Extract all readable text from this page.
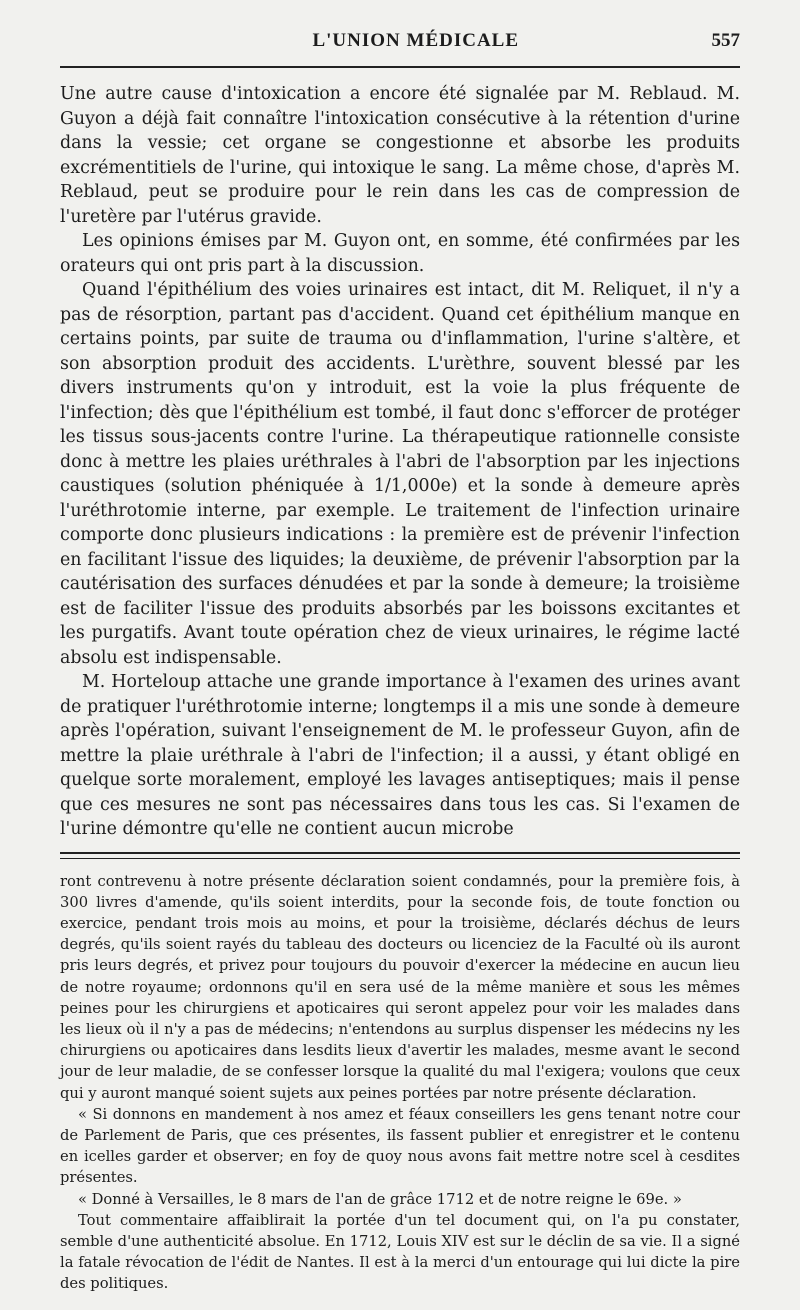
L'UNION MÉDICALE	557

Une autre cause d'intoxication a encore été signalée par M. Reblaud. M. Guyon a déjà fait connaître l'intoxication consécutive à la rétention d'urine dans la vessie; cet organe se congestionne et absorbe les produits excrémentitiels de l'urine, qui intoxique le sang. La même chose, d'après M. Reblaud, peut se produire pour le rein dans les cas de compression de l'uretère par l'utérus gravide.

Les opinions émises par M. Guyon ont, en somme, été confirmées par les orateurs qui ont pris part à la discussion.

Quand l'épithélium des voies urinaires est intact, dit M. Reliquet, il n'y a pas de résorption, partant pas d'accident. Quand cet épithélium manque en certains points, par suite de trauma ou d'inflammation, l'urine s'altère, et son absorption produit des accidents. L'urèthre, souvent blessé par les divers instruments qu'on y introduit, est la voie la plus fréquente de l'infection; dès que l'épithélium est tombé, il faut donc s'efforcer de protéger les tissus sous-jacents contre l'urine. La thérapeutique rationnelle consiste donc à mettre les plaies uréthrales à l'abri de l'absorption par les injections caustiques (solution phéniquée à 1/1,000e) et la sonde à demeure après l'uréthrotomie interne, par exemple. Le traitement de l'infection urinaire comporte donc plusieurs indications : la première est de prévenir l'infection en facilitant l'issue des liquides; la deuxième, de prévenir l'absorption par la cautérisation des surfaces dénudées et par la sonde à demeure; la troisième est de faciliter l'issue des produits absorbés par les boissons excitantes et les purgatifs. Avant toute opération chez de vieux urinaires, le régime lacté absolu est indispensable.

M. Horteloup attache une grande importance à l'examen des urines avant de pratiquer l'uréthrotomie interne; longtemps il a mis une sonde à demeure après l'opération, suivant l'enseignement de M. le professeur Guyon, afin de mettre la plaie uréthrale à l'abri de l'infection; il a aussi, y étant obligé en quelque sorte moralement, employé les lavages antiseptiques; mais il pense que ces mesures ne sont pas nécessaires dans tous les cas. Si l'examen de l'urine démontre qu'elle ne contient aucun microbe

ront contrevenu à notre présente déclaration soient condamnés, pour la première fois, à 300 livres d'amende, qu'ils soient interdits, pour la seconde fois, de toute fonction ou exercice, pendant trois mois au moins, et pour la troisième, déclarés déchus de leurs degrés, qu'ils soient rayés du tableau des docteurs ou licenciez de la Faculté où ils auront pris leurs degrés, et privez pour toujours du pouvoir d'exercer la médecine en aucun lieu de notre royaume; ordonnons qu'il en sera usé de la même manière et sous les mêmes peines pour les chirurgiens et apoticaires qui seront appelez pour voir les malades dans les lieux où il n'y a pas de médecins; n'entendons au surplus dispenser les médecins ny les chirurgiens ou apoticaires dans lesdits lieux d'avertir les malades, mesme avant le second jour de leur maladie, de se confesser lorsque la qualité du mal l'exigera; voulons que ceux qui y auront manqué soient sujets aux peines portées par notre présente déclaration.

« Si donnons en mandement à nos amez et féaux conseillers les gens tenant notre cour de Parlement de Paris, que ces présentes, ils fassent publier et enregistrer et le contenu en icelles garder et observer; en foy de quoy nous avons fait mettre notre scel à cesdites présentes.

« Donné à Versailles, le 8 mars de l'an de grâce 1712 et de notre reigne le 69e. »

Tout commentaire affaiblirait la portée d'un tel document qui, on l'a pu constater, semble d'une authenticité absolue. En 1712, Louis XIV est sur le déclin de sa vie. Il a signé la fatale révocation de l'édit de Nantes. Il est à la merci d'un entourage qui lui dicte la pire des politiques.
